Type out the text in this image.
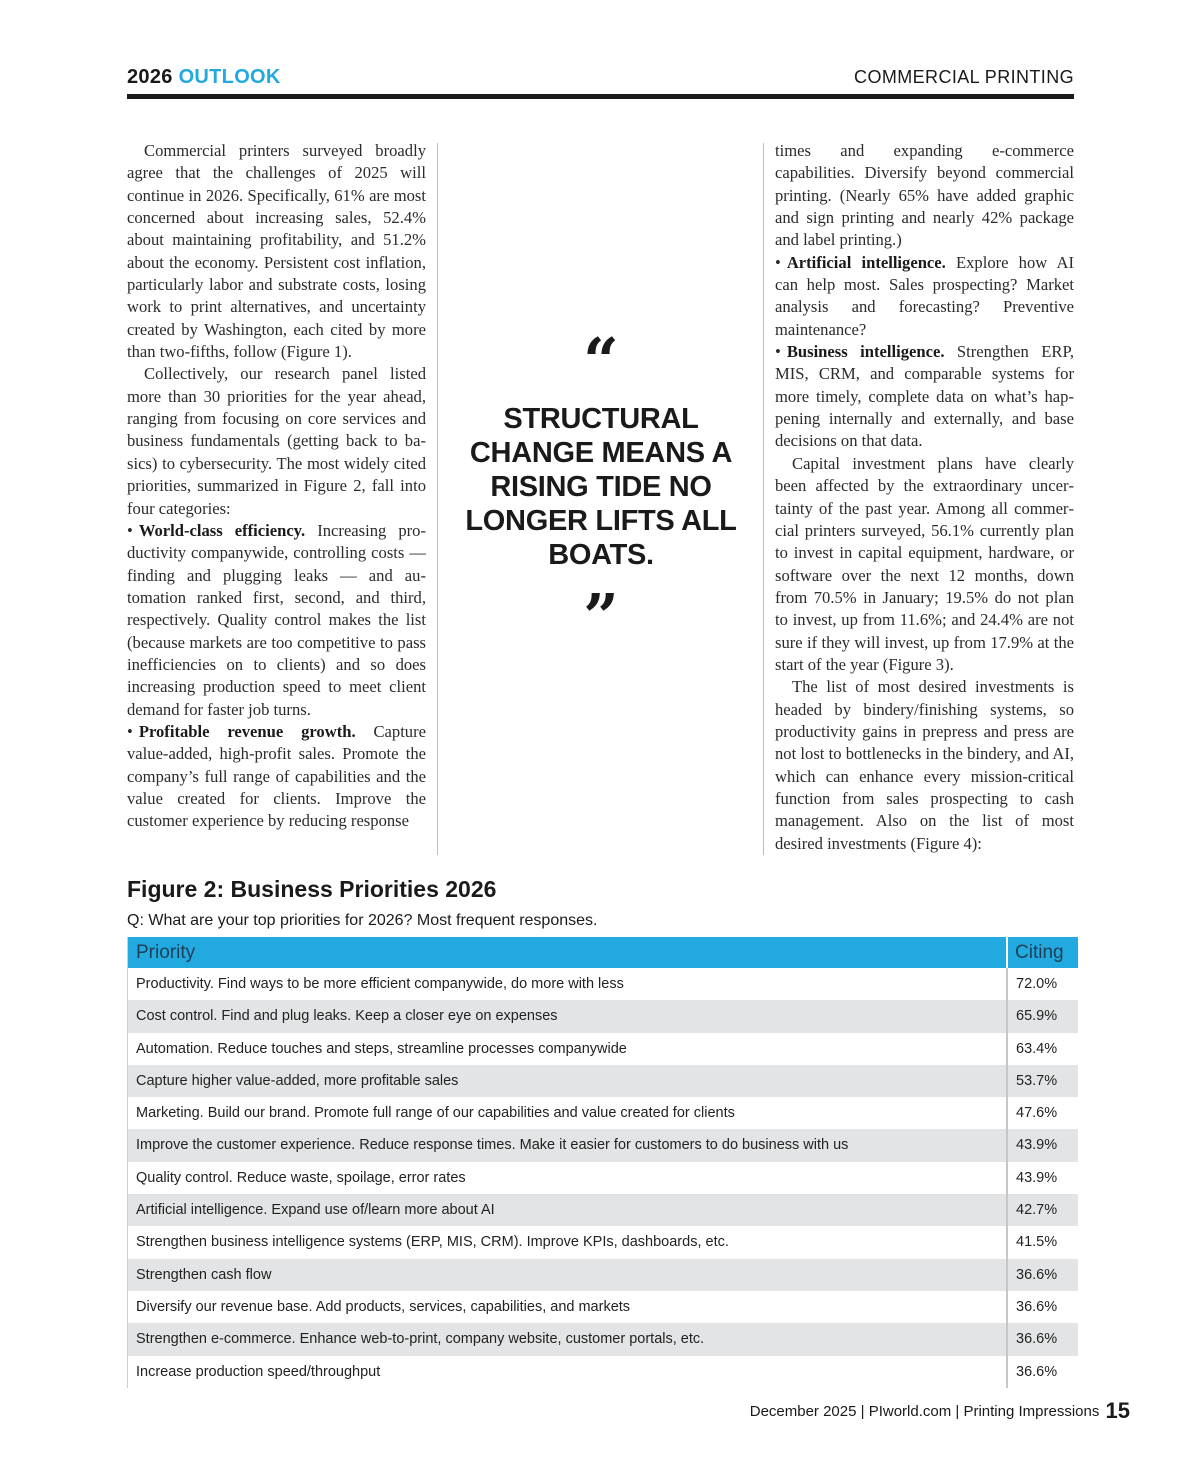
2026 OUTLOOK	COMMERCIAL PRINTING

Commercial printers surveyed broadly agree that the challenges of 2025 will continue in 2026. Specifically, 61% are most concerned about increasing sales, 52.4% about maintaining profitability, and 51.2% about the economy. Persistent cost inflation, particularly labor and substrate costs, losing work to print alternatives, and uncertainty created by Washington, each cited by more than two-fifths, follow (Figure 1).

Collectively, our research panel listed more than 30 priorities for the year ahead, ranging from focusing on core services and business fundamentals (getting back to basics) to cybersecurity. The most widely cited priorities, summarized in Figure 2, fall into four categories:

• World-class efficiency. Increasing productivity companywide, controlling costs — finding and plugging leaks — and automation ranked first, second, and third, respectively. Quality control makes the list (because markets are too competitive to pass inefficiencies on to clients) and so does increasing production speed to meet client demand for faster job turns.

• Profitable revenue growth. Capture value-added, high-profit sales. Promote the company’s full range of capabilities and the value created for clients. Improve the customer experience by reducing response

“
STRUCTURAL CHANGE MEANS A RISING TIDE NO LONGER LIFTS ALL BOATS.
”

times and expanding e-commerce capabilities. Diversify beyond commercial printing. (Nearly 65% have added graphic and sign printing and nearly 42% package and label printing.)

• Artificial intelligence. Explore how AI can help most. Sales prospecting? Market analysis and forecasting? Preventive maintenance?

• Business intelligence. Strengthen ERP, MIS, CRM, and comparable systems for more timely, complete data on what’s happening internally and externally, and base decisions on that data.

Capital investment plans have clearly been affected by the extraordinary uncertainty of the past year. Among all commercial printers surveyed, 56.1% currently plan to invest in capital equipment, hardware, or software over the next 12 months, down from 70.5% in January; 19.5% do not plan to invest, up from 11.6%; and 24.4% are not sure if they will invest, up from 17.9% at the start of the year (Figure 3).

The list of most desired investments is headed by bindery/finishing systems, so productivity gains in prepress and press are not lost to bottlenecks in the bindery, and AI, which can enhance every mission-critical function from sales prospecting to cash management. Also on the list of most desired investments (Figure 4):

Figure 2: Business Priorities 2026
Q: What are your top priorities for 2026? Most frequent responses.
Priority	Citing
Productivity. Find ways to be more efficient companywide, do more with less	72.0%
Cost control. Find and plug leaks. Keep a closer eye on expenses	65.9%
Automation. Reduce touches and steps, streamline processes companywide	63.4%
Capture higher value-added, more profitable sales	53.7%
Marketing. Build our brand. Promote full range of our capabilities and value created for clients	47.6%
Improve the customer experience. Reduce response times. Make it easier for customers to do business with us	43.9%
Quality control. Reduce waste, spoilage, error rates	43.9%
Artificial intelligence. Expand use of/learn more about AI	42.7%
Strengthen business intelligence systems (ERP, MIS, CRM). Improve KPIs, dashboards, etc.	41.5%
Strengthen cash flow	36.6%
Diversify our revenue base. Add products, services, capabilities, and markets	36.6%
Strengthen e-commerce. Enhance web-to-print, company website, customer portals, etc.	36.6%
Increase production speed/throughput	36.6%
December 2025 | PIworld.com | Printing Impressions 15
